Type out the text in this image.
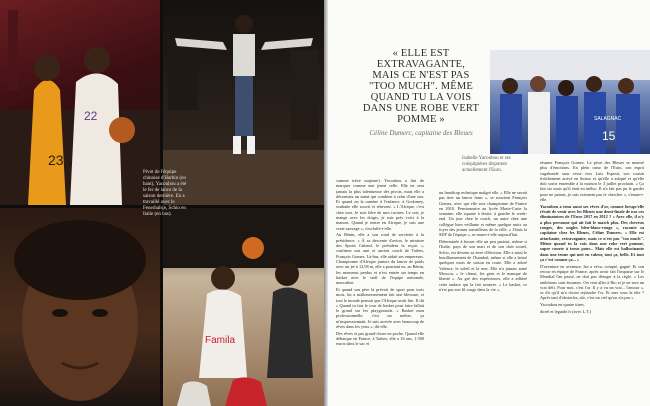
23
22
Famila
Pivot de l'équipe chinoise d'Harbin (en haut), Yacoubou a été le fer de lance de la saison dernière. En a travaillé avec le Fenerbahçe, Schio en Italie (en bas).

« ELLE EST EXTRAVAGANTE, MAIS CE N'EST PAS "TOO MUCH". MÊME QUAND TU LA VOIS DANS UNE ROBE VERT POMME »

Céline Dumerc, capitaine des Bleues
SALAGNAC
15
Isabelle Yacoubou et ses coéquipières disputent actuellement l'Euro.

comme trève majeure). Yacoubou a fini de marquer comme une jeune celle. Elle ne sera jamais la plus talentueuse des pivots, mais elle a désormais un statut qui combine à celui d'une star. Et quand on la ramène à l'enfance, à Godomey, souhaite elle souvit et réinvent. « L'Afrique, c'est chez moi. Je suis fière de mes racines. Le soir, je mange avec les doigts, je suis près voici à la maison. Quand je rentre en Afrique, je suis une vraie sauvage », s'esclaffe-t-elle.

Au Bénin, elle a son rond de serviette à la présidence. « À sa descente d'avion, le ministre des Sports l'attend, le président la reçoit », confirme son ami et ancien coach de Tarbes, François Gomez. Là-bas, elle aidait ses empereurs. Championne d'Afrique juniors du lancer de poids avec un jet à 12,98 m, elle a pourtant eu, au Bénin, les moments perdus et n'est entrée un temps en basket avec le staff de l'équipe nationale, masculine.

Et quand son père la prévoit de sport pour trois mois, lui a malheureusement fait une blessure, et tout le monde pensait que l'Afrique avait fini. Il dit « Quand tu fais le tour de basket pour faire fallait le grand sur les playgrounds. « Basket mon professionnelle, c'est un métier, ça m'impressionnait. Je suis arrivée avec beaucoup de rêves dans les yeux », dit-elle.

Des rêves et pas grand-chose en poche. Quand elle débarque en France, à Tarbes, elle a 16 ans, 1 000 euros dans le sac et

un handicap technique malgré elle. « Elle ne savait pas tirer un lancer franc », se souvient François Gomez, avec qui elle sera championne de France en 2010. Pensionnaire au lycée Marie-Curie la semaine, elle squatte à droite, à gauche le week-end. Un jour chez le coach, un autre chez une collègue bien veillante et même quelque nuits au foyer des jeunes travailleurs de la ville. « J'étais la SDF de l'équipe », se marre-t-elle aujourd'hui.

Déterminée à bosser elle un peu partout, même si l'Italie, pays de son mari et de son club actuel, Schio, est devenu sa terre d'élection. Elle a ainsi le bouillonnement de l'Istanbul, même si elle a laissé quelques mois de saison en route. Elle a adoré Valence, le soleil et la mer. Elle n'a jamais aimé Moscou, « le climat, les gens et le manque de liberté ». Au gré des expériences, elle a adhéré cette audace qui la fait avancer. « Le basket, ce n'est pas son fil rouge dans la vie »,

résume François Gomez. Le pivot des Bleues se montré plus d'émotions. En plein cœur de l'Euro, son esprit vagabonde sans cesse vers Luis Esposit, son cousin fraîchement arrivé en Suisse et qu'elle a adopté et qu'elle doit sortir ensemble à la maison le 3 juillet prochain. « Ça fait six mois qu'il était en inéluc. Il n'a fait pas pu le garder pour ne jamais, je sais vraiment pas le chercher », s'emue-t-elle.

Yacoubou a tenu aussi ses rêves d'or, comme lorsqu'elle rêvait de venir avec les Bleues une demi-finale de nos ces éliminatoires de l'Euro 2017 en 2012 ? « Avec elle, il n'y a plus personne qui ait fait le match plus. Des cheveux rouges, des ongles bleu-blanc-rouge », raconte sa capitaine chez les Bleues, Céline Dumerc. « Elle est attachante, extravagante, mais ce n'est pas "too much". Même quand tu la vois dans une robe vert pomme, super courte à trous pour... Mais elle est hallucinante dans une tenue qui met en valeur, tout ça, belle. Et tout ça c'est comme ça... »

D'aventure en aventure, Iza a vécu, compté, gagné. Et son retour en équipe de France, après avoir fait l'impasse sur le Mondial l'an passé, ne doit pas déroger à la règle. « Les ambitions sont énormes. On veut aller à Rio et je ne sera un vrai défi. Pour moi, c'est l'or. Il y a vu un vrai... l'amour », se dit qu'il m'a choisi rejoindre l'or. Et mes sous la tête ? Après tant d'obstacles, sûr, c'est un ciel qu'on n'a pas ».

Yacoubou en quatre titres.

dirrel et leguide.fr (avec L.T.)
